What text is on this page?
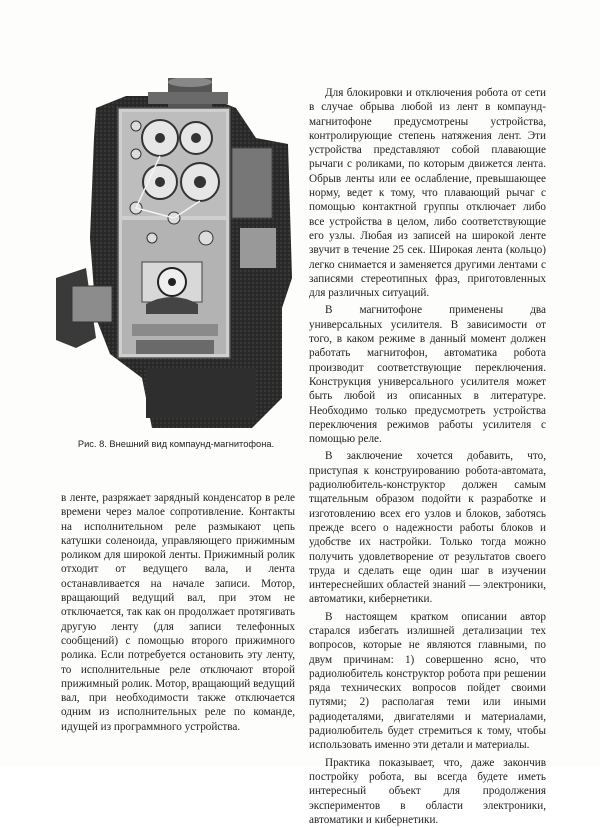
Рис. 8. Внешний вид компаунд-магнитофона.

в ленте, разряжает зарядный конденсатор в реле времени через малое сопротивление. Контакты на исполнительном реле размыкают цепь катушки соленоида, управляющего прижимным роликом для широкой ленты. Прижимный ролик отходит от ведущего вала, и лента останавливается на начале записи. Мотор, вращающий ведущий вал, при этом не отключается, так как он продолжает протягивать другую ленту (для записи телефонных сообщений) с помощью второго прижимного ролика. Если потребуется остановить эту ленту, то исполнительные реле отключают второй прижимный ролик. Мотор, вращающий ведущий вал, при необходимости также отключается одним из исполнительных реле по команде, идущей из программного устройства.

Для блокировки и отключения робота от сети в случае обрыва любой из лент в компаунд-магнитофоне предусмотрены устройства, контролирующие степень натяжения лент. Эти устройства представляют собой плавающие рычаги с роликами, по которым движется лента. Обрыв ленты или ее ослабление, превышающее норму, ведет к тому, что плавающий рычаг с помощью контактной группы отключает либо все устройства в целом, либо соответствующие его узлы. Любая из записей на широкой ленте звучит в течение 25 сек. Широкая лента (кольцо) легко снимается и заменяется другими лентами с записями стереотипных фраз, приготовленных для различных ситуаций.

В магнитофоне применены два универсальных усилителя. В зависимости от того, в каком режиме в данный момент должен работать магнитофон, автоматика робота производит соответствующие переключения. Конструкция универсального усилителя может быть любой из описанных в литературе. Необходимо только предусмотреть устройства переключения режимов работы усилителя с помощью реле.

В заключение хочется добавить, что, приступая к конструированию робота-автомата, радиолюбитель-конструктор должен самым тщательным образом подойти к разработке и изготовлению всех его узлов и блоков, заботясь прежде всего о надежности работы блоков и удобстве их настройки. Только тогда можно получить удовлетворение от результатов своего труда и сделать еще один шаг в изучении интереснейших областей знаний — электроники, автоматики, кибернетики.

В настоящем кратком описании автор старался избегать излишней детализации тех вопросов, которые не являются главными, по двум причинам: 1) совершенно ясно, что радиолюбитель конструктор робота при решении ряда технических вопросов пойдет своими путями; 2) располагая теми или иными радиодеталями, двигателями и материалами, радиолюбитель будет стремиться к тому, чтобы использовать именно эти детали и материалы.

Практика показывает, что, даже закончив постройку робота, вы всегда будете иметь интересный объект для продолжения экспериментов в области электроники, автоматики и кибернетики.
